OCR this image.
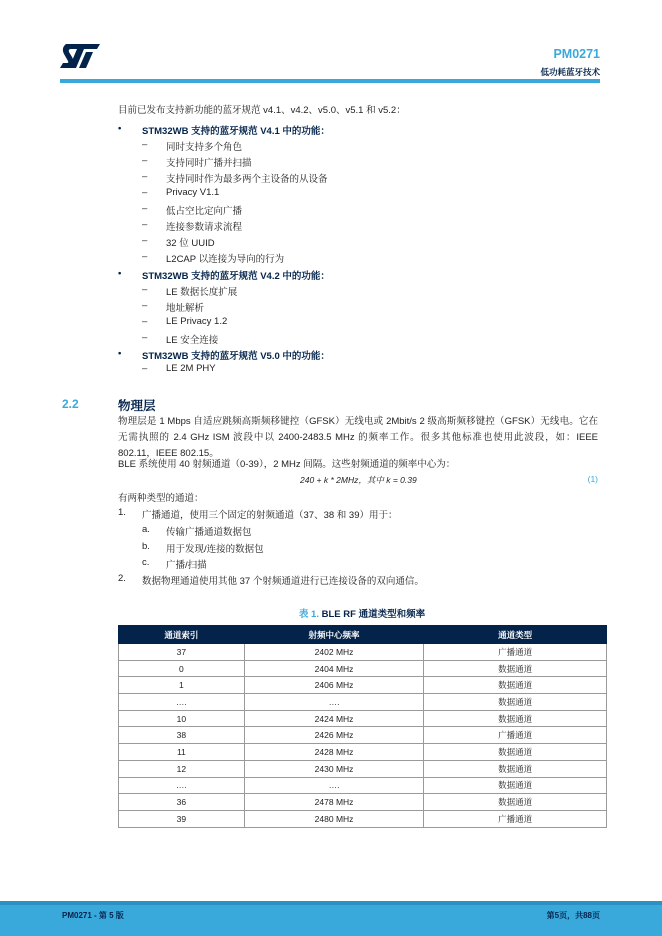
PM0271
低功耗蓝牙技术
目前已发布支持新功能的蓝牙规范 v4.1、v4.2、v5.0、v5.1 和 v5.2：
• STM32WB 支持的蓝牙规范 V4.1 中的功能：
– 同时支持多个角色
– 支持同时广播并扫描
– 支持同时作为最多两个主设备的从设备
– Privacy V1.1
– 低占空比定向广播
– 连接参数请求流程
– 32 位 UUID
– L2CAP 以连接为导向的行为
• STM32WB 支持的蓝牙规范 V4.2 中的功能：
– LE 数据长度扩展
– 地址解析
– LE Privacy 1.2
– LE 安全连接
• STM32WB 支持的蓝牙规范 V5.0 中的功能：
– LE 2M PHY
2.2	物理层
物理层是 1 Mbps 自适应跳频高斯频移键控（GFSK）无线电或 2Mbit/s 2 级高斯频移键控（GFSK）无线电。它在无需执照的 2.4 GHz ISM 波段中以 2400-2483.5 MHz 的频率工作。很多其他标准也使用此波段，如：IEEE 802.11，IEEE 802.15。
BLE 系统使用 40 射频通道（0-39），2 MHz 间隔。这些射频通道的频率中心为：
240 + k * 2MHz，其中 k = 0.39	(1)
有两种类型的通道：
1. 广播通道，使用三个固定的射频通道（37、38 和 39）用于：
a. 传输广播通道数据包
b. 用于发现/连接的数据包
c. 广播/扫描
2. 数据物理通道使用其他 37 个射频通道进行已连接设备的双向通信。
表 1. BLE RF 通道类型和频率
通道索引	射频中心频率	通道类型
37	2402 MHz	广播通道
0	2404 MHz	数据通道
1	2406 MHz	数据通道
….	….	数据通道
10	2424 MHz	数据通道
38	2426 MHz	广播通道
11	2428 MHz	数据通道
12	2430 MHz	数据通道
….	….	数据通道
36	2478 MHz	数据通道
39	2480 MHz	广播通道
PM0271 - 第 5 版	第5页，共88页
